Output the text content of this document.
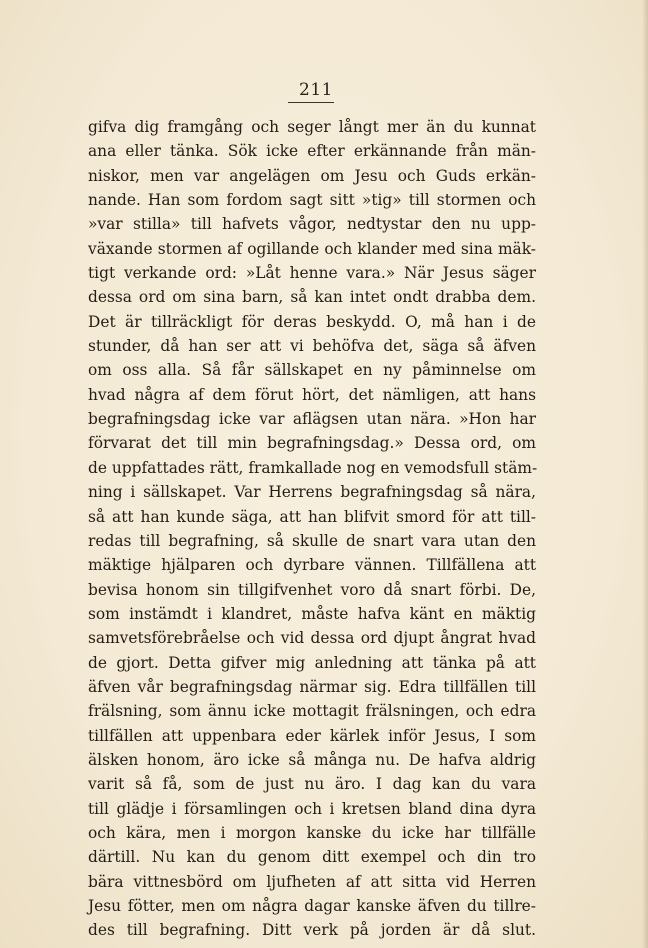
211
gifva dig framgång och seger långt mer än du kunnat
ana eller tänka. Sök icke efter erkännande från män-
niskor, men var angelägen om Jesu och Guds erkän-
nande. Han som fordom sagt sitt »tig» till stormen och
»var stilla» till hafvets vågor, nedtystar den nu upp-
växande stormen af ogillande och klander med sina mäk-
tigt verkande ord: »Låt henne vara.» När Jesus säger
dessa ord om sina barn, så kan intet ondt drabba dem.
Det är tillräckligt för deras beskydd. O, må han i de
stunder, då han ser att vi behöfva det, säga så äfven
om oss alla. Så får sällskapet en ny påminnelse om
hvad några af dem förut hört, det nämligen, att hans
begrafningsdag icke var aflägsen utan nära. »Hon har
förvarat det till min begrafningsdag.» Dessa ord, om
de uppfattades rätt, framkallade nog en vemodsfull stäm-
ning i sällskapet. Var Herrens begrafningsdag så nära,
så att han kunde säga, att han blifvit smord för att till-
redas till begrafning, så skulle de snart vara utan den
mäktige hjälparen och dyrbare vännen. Tillfällena att
bevisa honom sin tillgifvenhet voro då snart förbi. De,
som instämdt i klandret, måste hafva känt en mäktig
samvetsförebråelse och vid dessa ord djupt ångrat hvad
de gjort. Detta gifver mig anledning att tänka på att
äfven vår begrafningsdag närmar sig. Edra tillfällen till
frälsning, som ännu icke mottagit frälsningen, och edra
tillfällen att uppenbara eder kärlek inför Jesus, I som
älsken honom, äro icke så många nu. De hafva aldrig
varit så få, som de just nu äro. I dag kan du vara
till glädje i församlingen och i kretsen bland dina dyra
och kära, men i morgon kanske du icke har tillfälle
därtill. Nu kan du genom ditt exempel och din tro
bära vittnesbörd om ljufheten af att sitta vid Herren
Jesu fötter, men om några dagar kanske äfven du tillre-
des till begrafning. Ditt verk på jorden är då slut.
